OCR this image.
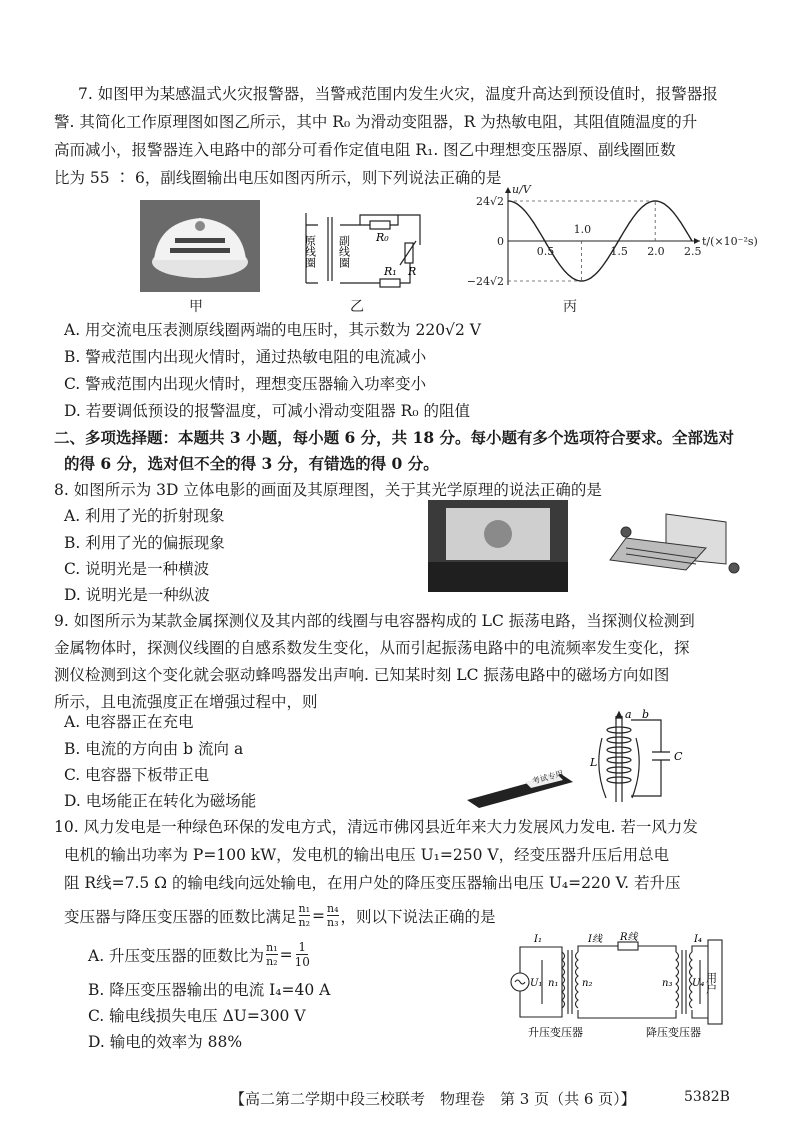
7. 如图甲为某感温式火灾报警器，当警戒范围内发生火灾，温度升高达到预设值时，报警器报
警. 其简化工作原理图如图乙所示，其中 R₀ 为滑动变阻器，R 为热敏电阻，其阻值随温度的升
高而减小，报警器连入电路中的部分可看作定值电阻 R₁. 图乙中理想变压器原、副线圈匝数
比为 55 ∶ 6，副线圈输出电压如图丙所示，则下列说法正确的是
甲
原线圈 副线圈 R₀
R
R₁
乙
0.5
1.0
1.5 2.0 2.5
24√2
0
−24√2
u/V
t/(×10⁻²s)
丙
A. 用交流电压表测原线圈两端的电压时，其示数为 220√2 V
B. 警戒范围内出现火情时，通过热敏电阻的电流减小
C. 警戒范围内出现火情时，理想变压器输入功率变小
D. 若要调低预设的报警温度，可减小滑动变阻器 R₀ 的阻值
二、多项选择题：本题共 3 小题，每小题 6 分，共 18 分。每小题有多个选项符合要求。全部选对
的得 6 分，选对但不全的得 3 分，有错选的得 0 分。
8. 如图所示为 3D 立体电影的画面及其原理图，关于其光学原理的说法正确的是
A. 利用了光的折射现象
B. 利用了光的偏振现象
C. 说明光是一种横波
D. 说明光是一种纵波
9. 如图所示为某款金属探测仪及其内部的线圈与电容器构成的 LC 振荡电路，当探测仪检测到
金属物体时，探测仪线圈的自感系数发生变化，从而引起振荡电路中的电流频率发生变化，探
测仪检测到这个变化就会驱动蜂鸣器发出声响. 已知某时刻 LC 振荡电路中的磁场方向如图
所示，且电流强度正在增强过程中，则
A. 电容器正在充电
B. 电流的方向由 b 流向 a
C. 电容器下板带正电
D. 电场能正在转化为磁场能
考试专用
a b
L	C
10. 风力发电是一种绿色环保的发电方式，清远市佛冈县近年来大力发展风力发电. 若一风力发
电机的输出功率为 P=100 kW，发电机的输出电压 U₁=250 V，经变压器升压后用总电
阻 R线=7.5 Ω 的输电线向远处输电，在用户处的降压变压器输出电压 U₄=220 V. 若升压
变压器与降压变压器的匝数比满足 $\frac{\text{n₁}}{\text{n₂}} = \frac{\text{n₄}}{\text{n₃}}$ ，则以下说法正确的是
A. 升压变压器的匝数比为 $\frac{\text{n₁}}{\text{n₂}} = \frac{1}{10}$
B. 降压变压器输出的电流 I₄=40 A
C. 输电线损失电压 ΔU=300 V
D. 输电的效率为 88%
I₁	I线 R线	I₄
U₁ n₁ n₂	n₃ U₄ 用户
升压变压器	降压变压器
【高二第二学期中段三校联考　物理卷　第 3 页（共 6 页）】	5382B
